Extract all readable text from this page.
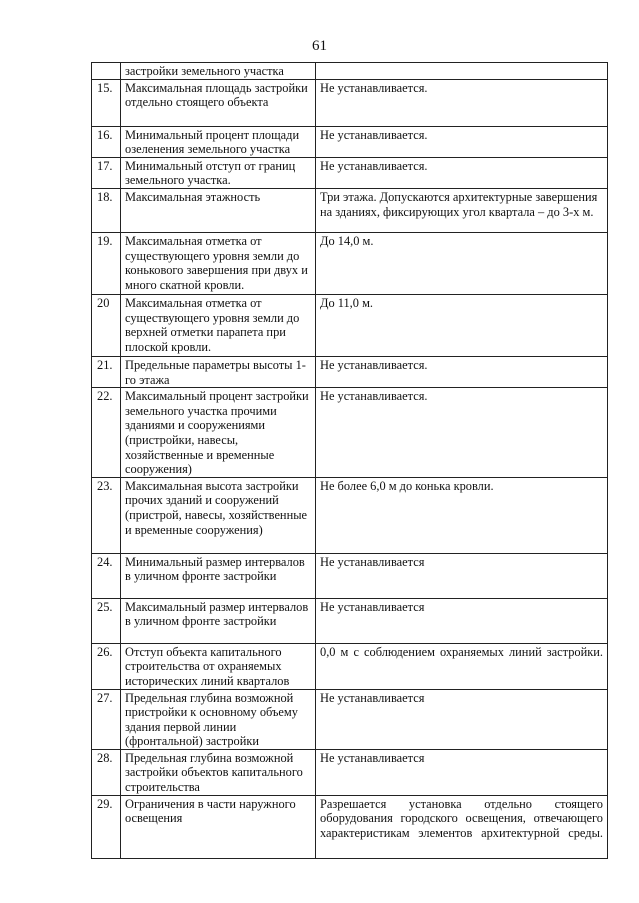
61
	застройки земельного участка	
15.	Максимальная площадь застройки отдельно стоящего объекта	Не устанавливается.
16.	Минимальный процент площади озеленения земельного участка	Не устанавливается.
17.	Минимальный отступ от границ земельного участка.	Не устанавливается.
18.	Максимальная этажность	Три этажа. Допускаются архитектурные завершения на зданиях, фиксирующих угол квартала – до 3-х м.
19.	Максимальная отметка от существующего уровня земли до конькового завершения при двух и много скатной кровли.	До 14,0 м.
20	Максимальная отметка от существующего уровня земли до верхней отметки парапета при плоской кровли.	До 11,0 м.
21.	Предельные параметры высоты 1-го этажа	Не устанавливается.
22.	Максимальный процент застройки земельного участка прочими зданиями и сооружениями (пристройки, навесы, хозяйственные и временные сооружения)	Не устанавливается.
23.	Максимальная высота застройки прочих зданий и сооружений (пристрой, навесы, хозяйственные и временные сооружения)	Не более 6,0 м до конька кровли.
24.	Минимальный размер интервалов в уличном фронте застройки	Не устанавливается
25.	Максимальный размер интервалов в уличном фронте застройки	Не устанавливается
26.	Отступ объекта капитального строительства от охраняемых исторических линий кварталов	0,0 м с соблюдением охраняемых линий застройки.
27.	Предельная глубина возможной пристройки к основному объему здания первой линии (фронтальной) застройки	Не устанавливается
28.	Предельная глубина возможной застройки объектов капитального строительства	Не устанавливается
29.	Ограничения в части наружного освещения	Разрешается установка отдельно стоящего оборудования городского освещения, отвечающего характеристикам элементов архитектурной среды.
